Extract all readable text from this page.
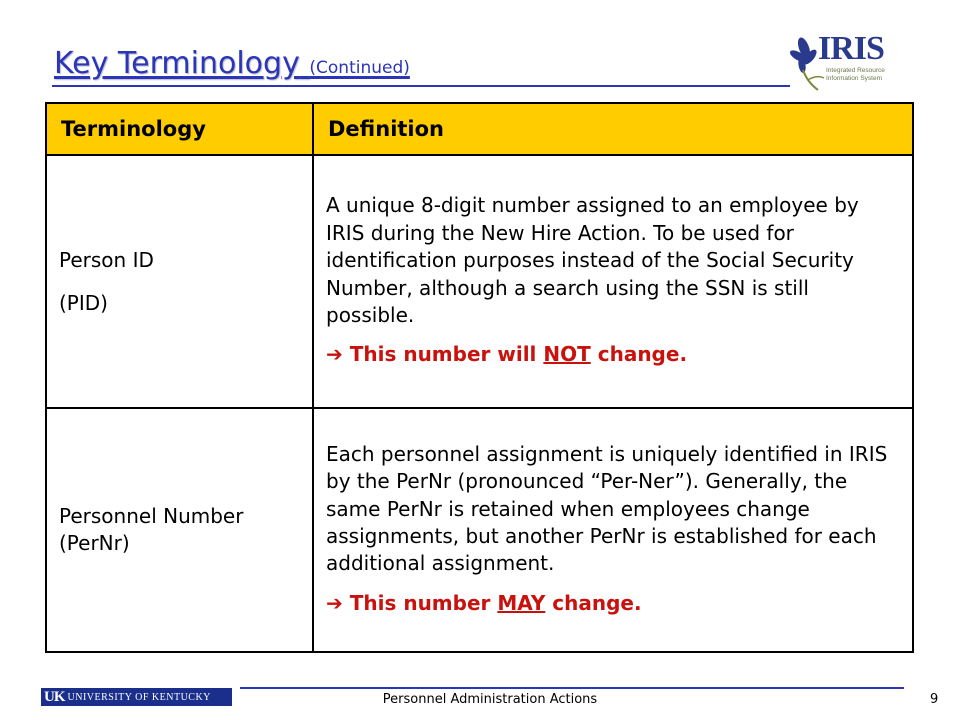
Key Terminology (Continued)
IRIS
Integrated Resource
Information System
Terminology	Definition
Person ID
(PID)	A unique 8-digit number assigned to an employee by IRIS during the New Hire Action. To be used for identification purposes instead of the Social Security Number, although a search using the SSN is still possible.
➔ This number will NOT change.

Personnel Number (PerNr)	Each personnel assignment is uniquely identified in IRIS by the PerNr (pronounced “Per-Ner”). Generally, the same PerNr is retained when employees change assignments, but another PerNr is established for each additional assignment.
➔ This number MAY change.
UK UNIVERSITY OF KENTUCKY	Personnel Administration Actions	9
